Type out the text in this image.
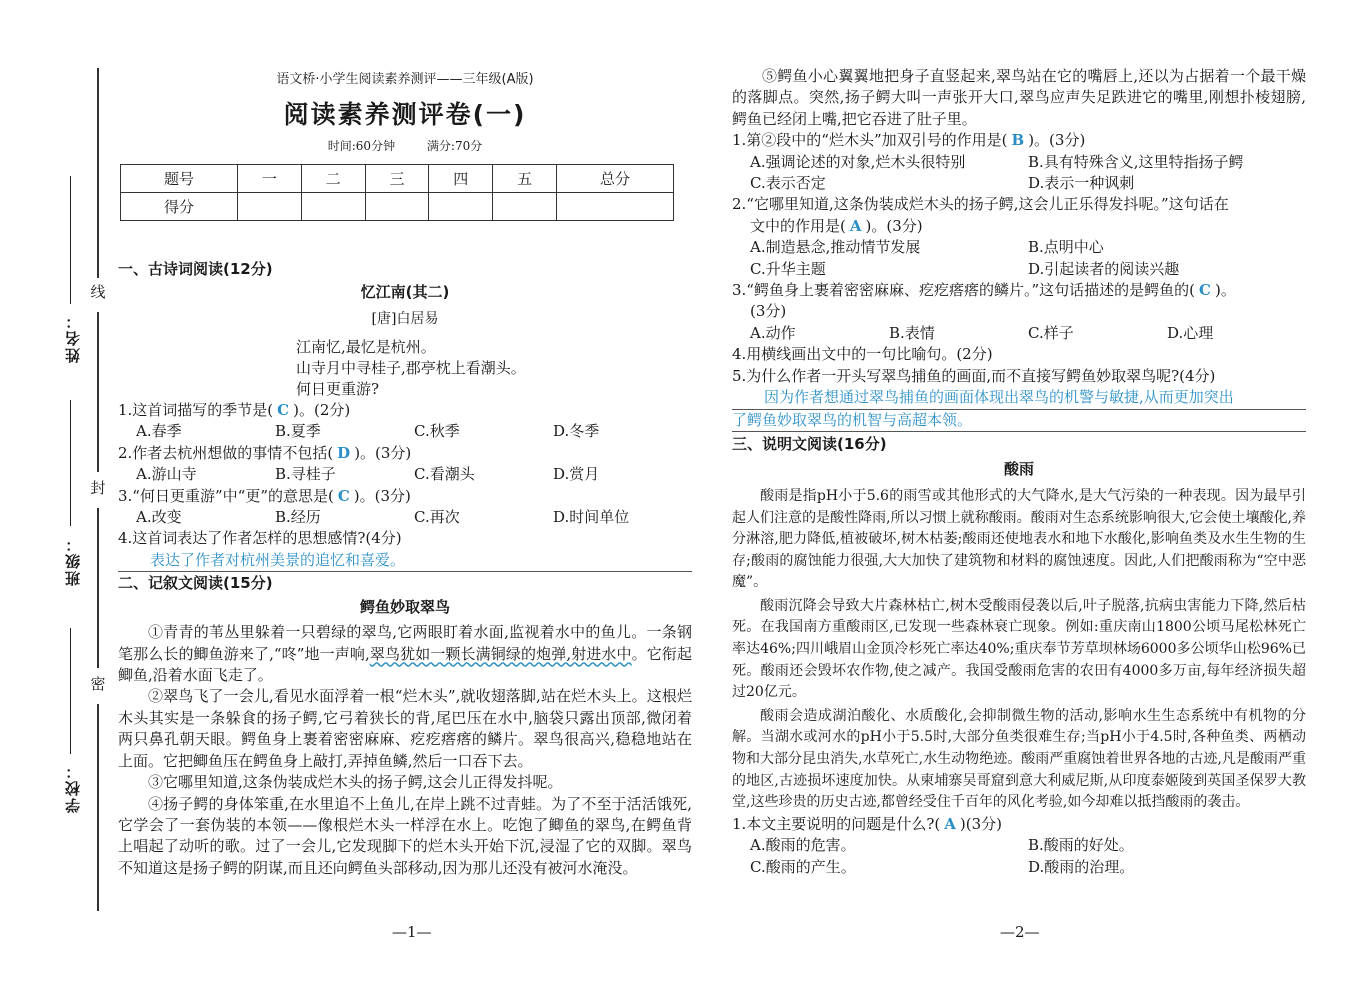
线
封
密
姓名：
班级：
学校：
语文桥·小学生阅读素养测评——三年级(A版)
阅读素养测评卷(一)
时间:60分钟	满分:70分
题号	一	二	三	四	五	总分
得分						
一、古诗词阅读(12分)
忆江南(其二)
[唐]白居易
江南忆,最忆是杭州。
山寺月中寻桂子,郡亭枕上看潮头。
何日更重游?
1.这首词描写的季节是( C )。(2分)
A.春季	B.夏季	C.秋季	D.冬季
2.作者去杭州想做的事情不包括( D )。(3分)
A.游山寺	B.寻桂子	C.看潮头	D.赏月
3.“何日更重游”中“更”的意思是( C )。(3分)
A.改变	B.经历	C.再次	D.时间单位
4.这首词表达了作者怎样的思想感情?(4分)
表达了作者对杭州美景的追忆和喜爱。
二、记叙文阅读(15分)
鳄鱼妙取翠鸟
①青青的苇丛里躲着一只碧绿的翠鸟,它两眼盯着水面,监视着水中的鱼儿。一条钢笔那么长的鲫鱼游来了,“咚”地一声响,翠鸟犹如一颗长满铜绿的炮弹,射进水中。它衔起鲫鱼,沿着水面飞走了。
②翠鸟飞了一会儿,看见水面浮着一根“烂木头”,就收翅落脚,站在烂木头上。这根烂木头其实是一条躲食的扬子鳄,它弓着狭长的背,尾巴压在水中,脑袋只露出顶部,微闭着两只鼻孔朝天眼。鳄鱼身上裹着密密麻麻、疙疙瘩瘩的鳞片。翠鸟很高兴,稳稳地站在上面。它把鲫鱼压在鳄鱼身上敲打,弄掉鱼鳞,然后一口吞下去。
③它哪里知道,这条伪装成烂木头的扬子鳄,这会儿正得发抖呢。
④扬子鳄的身体笨重,在水里追不上鱼儿,在岸上跳不过青蛙。为了不至于活活饿死,它学会了一套伪装的本领——像根烂木头一样浮在水上。吃饱了鲫鱼的翠鸟,在鳄鱼背上唱起了动听的歌。过了一会儿,它发现脚下的烂木头开始下沉,浸湿了它的双脚。翠鸟不知道这是扬子鳄的阴谋,而且还向鳄鱼头部移动,因为那儿还没有被河水淹没。
⑤鳄鱼小心翼翼地把身子直竖起来,翠鸟站在它的嘴唇上,还以为占据着一个最干燥的落脚点。突然,扬子鳄大叫一声张开大口,翠鸟应声失足跌进它的嘴里,刚想扑棱翅膀,鳄鱼已经闭上嘴,把它吞进了肚子里。
1.第②段中的“烂木头”加双引号的作用是( B )。(3分)
A.强调论述的对象,烂木头很特别	B.具有特殊含义,这里特指扬子鳄
C.表示否定	D.表示一种讽刺
2.“它哪里知道,这条伪装成烂木头的扬子鳄,这会儿正乐得发抖呢。”这句话在
文中的作用是( A )。(3分)
A.制造悬念,推动情节发展	B.点明中心
C.升华主题	D.引起读者的阅读兴趣
3.“鳄鱼身上裹着密密麻麻、疙疙瘩瘩的鳞片。”这句话描述的是鳄鱼的( C )。
(3分)
A.动作	B.表情	C.样子	D.心理
4.用横线画出文中的一句比喻句。(2分)
5.为什么作者一开头写翠鸟捕鱼的画面,而不直接写鳄鱼妙取翠鸟呢?(4分)
因为作者想通过翠鸟捕鱼的画面体现出翠鸟的机警与敏捷,从而更加突出
了鳄鱼妙取翠鸟的机智与高超本领。
三、说明文阅读(16分)
酸雨
酸雨是指pH小于5.6的雨雪或其他形式的大气降水,是大气污染的一种表现。因为最早引起人们注意的是酸性降雨,所以习惯上就称酸雨。酸雨对生态系统影响很大,它会使土壤酸化,养分淋溶,肥力降低,植被破坏,树木枯萎;酸雨还使地表水和地下水酸化,影响鱼类及水生生物的生存;酸雨的腐蚀能力很强,大大加快了建筑物和材料的腐蚀速度。因此,人们把酸雨称为“空中恶魔”。
酸雨沉降会导致大片森林枯亡,树木受酸雨侵袭以后,叶子脱落,抗病虫害能力下降,然后枯死。在我国南方重酸雨区,已发现一些森林衰亡现象。例如:重庆南山1800公顷马尾松林死亡率达46%;四川峨眉山金顶冷杉死亡率达40%;重庆奉节芳草坝林场6000多公顷华山松96%已死。酸雨还会毁坏农作物,使之减产。我国受酸雨危害的农田有4000多万亩,每年经济损失超过20亿元。
酸雨会造成湖泊酸化、水质酸化,会抑制微生物的活动,影响水生生态系统中有机物的分解。当湖水或河水的pH小于5.5时,大部分鱼类很难生存;当pH小于4.5时,各种鱼类、两栖动物和大部分昆虫消失,水草死亡,水生动物绝迹。酸雨严重腐蚀着世界各地的古迹,凡是酸雨严重的地区,古迹损坏速度加快。从柬埔寨吴哥窟到意大利威尼斯,从印度泰姬陵到英国圣保罗大教堂,这些珍贵的历史古迹,都曾经受住千百年的风化考验,如今却难以抵挡酸雨的袭击。
1.本文主要说明的问题是什么?( A )(3分)
A.酸雨的危害。	B.酸雨的好处。
C.酸雨的产生。	D.酸雨的治理。
—1—	—2—
